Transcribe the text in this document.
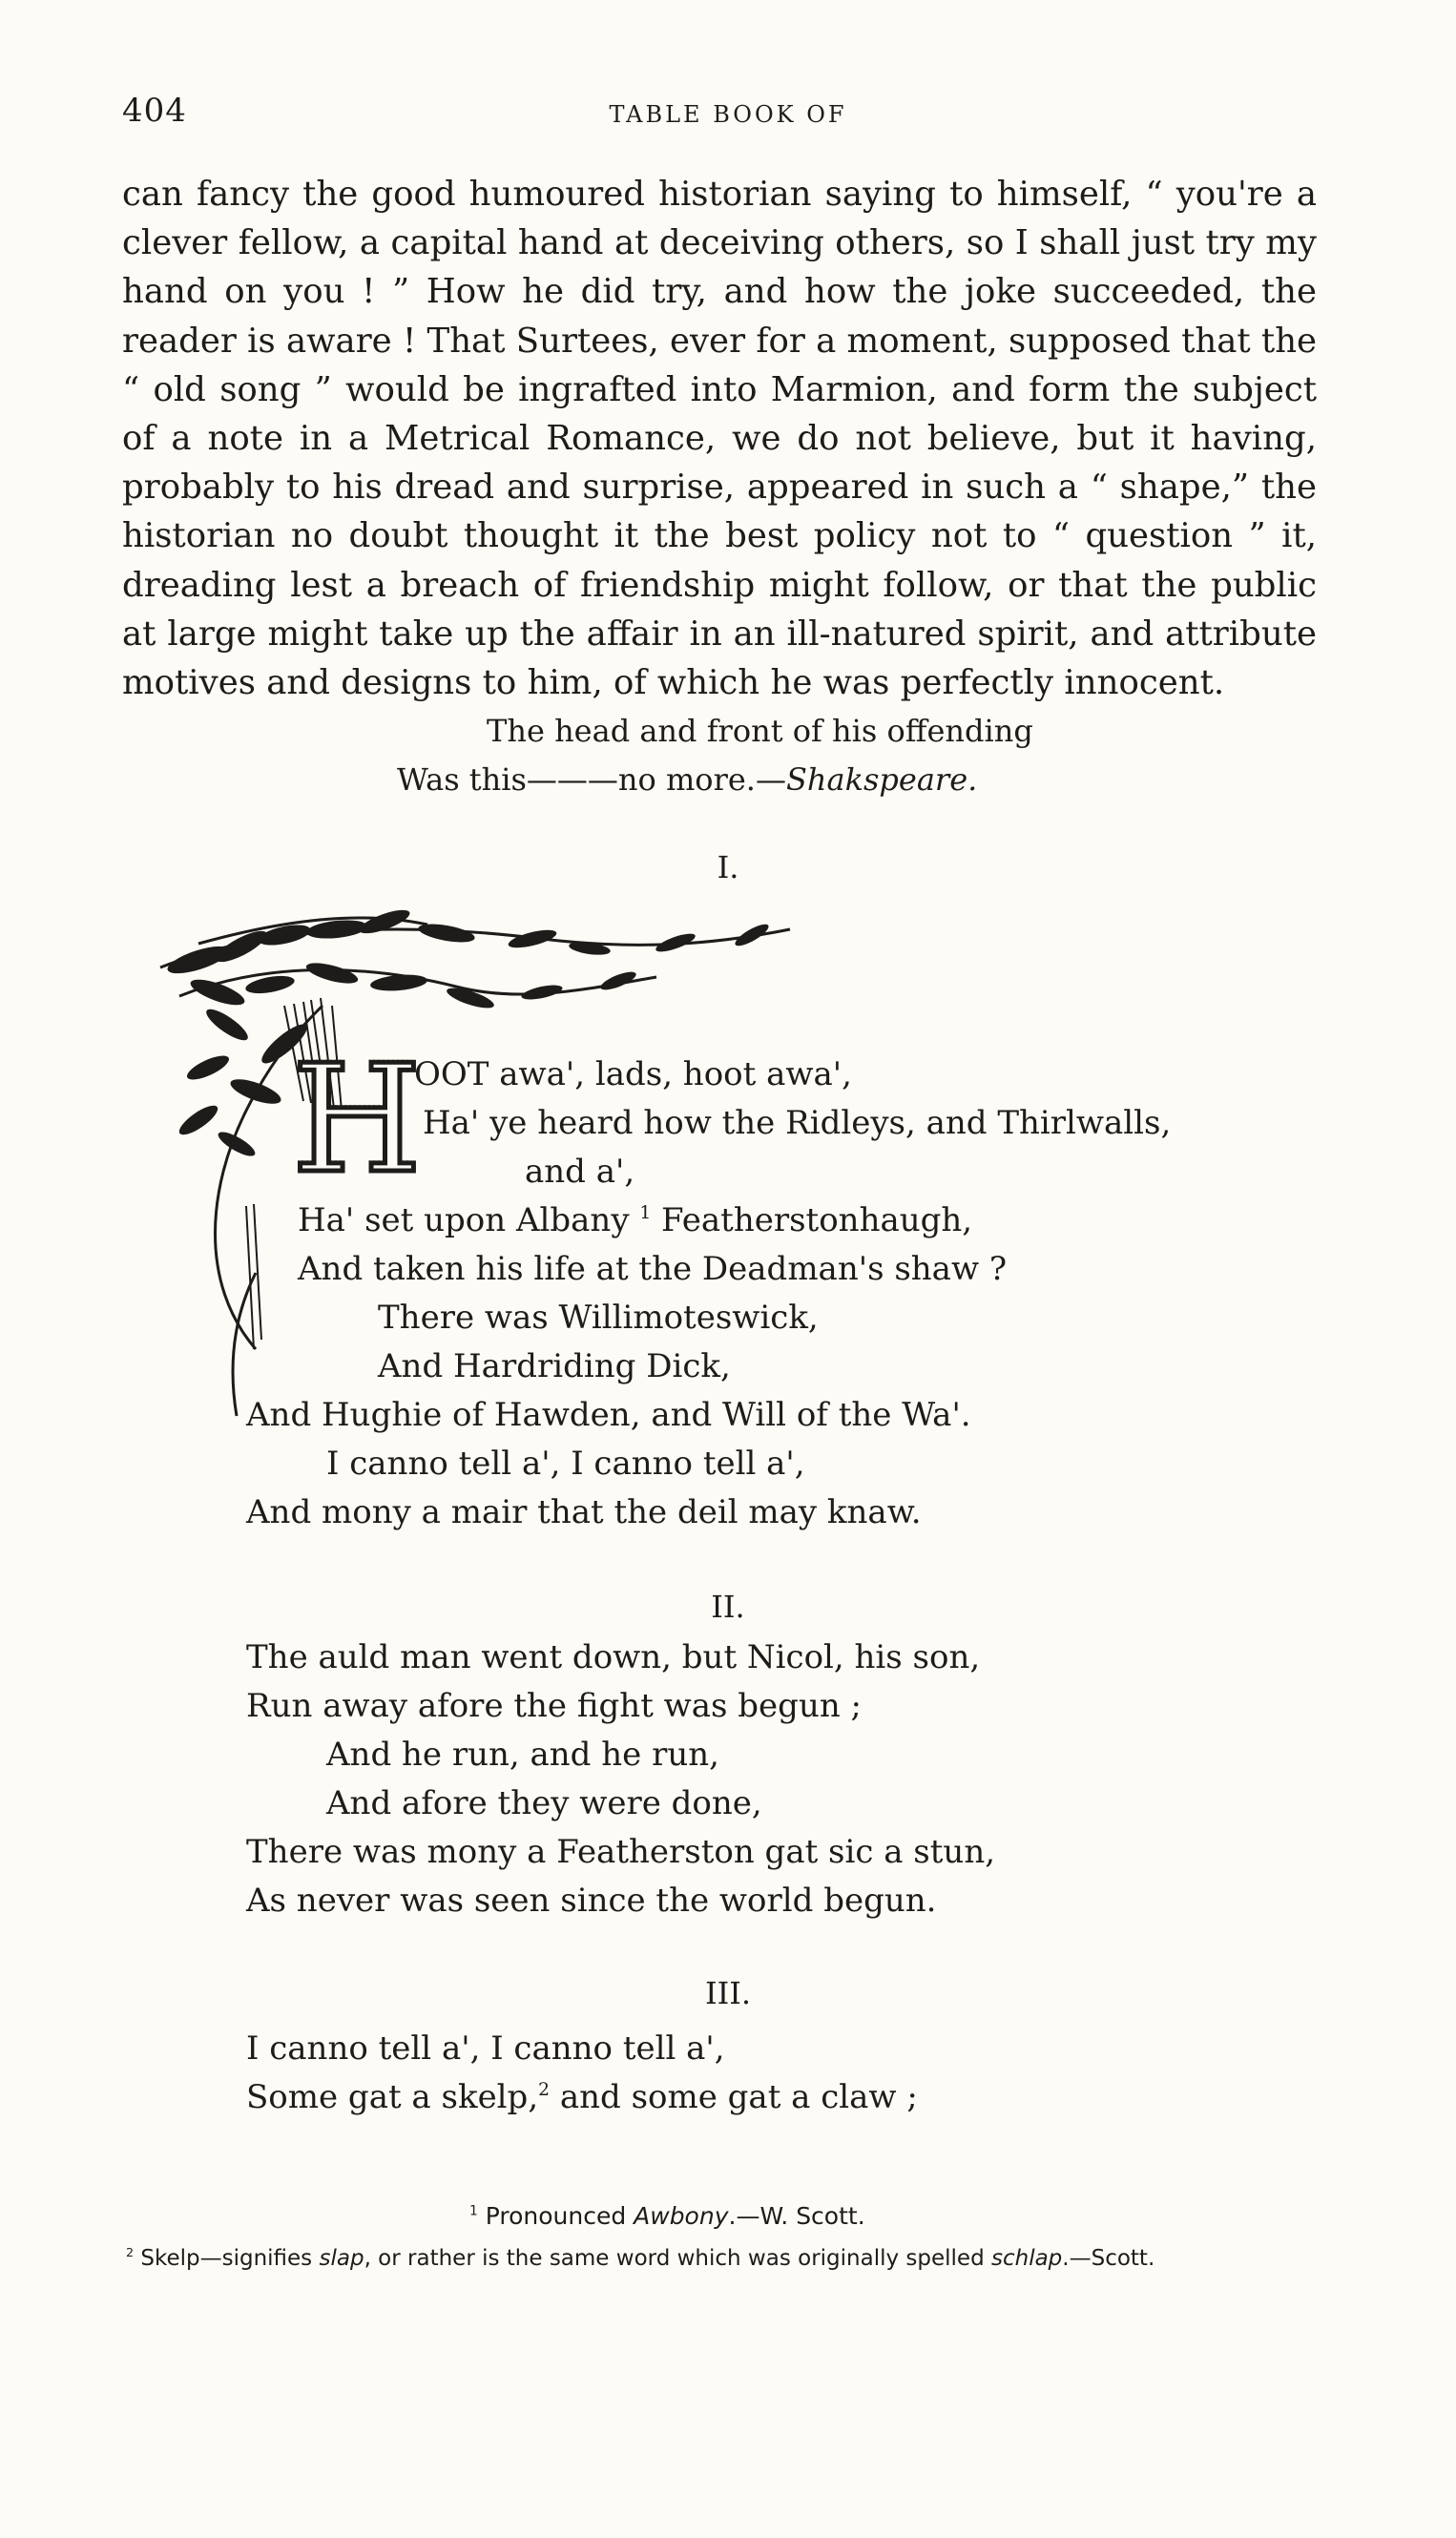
404	TABLE BOOK OF
can fancy the good humoured historian saying to himself, “ you're a
clever fellow, a capital hand at deceiving others, so I shall just try my
hand on you ! ” How he did try, and how the joke succeeded, the
reader is aware ! That Surtees, ever for a moment, supposed that the
“ old song ” would be ingrafted into Marmion, and form the subject
of a note in a Metrical Romance, we do not believe, but it having,
probably to his dread and surprise, appeared in such a “ shape,” the
historian no doubt thought it the best policy not to “ question ” it,
dreading lest a breach of friendship might follow, or that the public
at large might take up the affair in an ill-natured spirit, and attribute
motives and designs to him, of which he was perfectly innocent.
The head and front of his offending
Was this———no more.—Shakspeare.
I.
H
OOT awa', lads, hoot awa',
Ha' ye heard how the Ridleys, and Thirlwalls,
and a',
Ha' set upon Albany $^1$ Featherstonhaugh,
And taken his life at the Deadman's shaw ?
There was Willimoteswick,
And Hardriding Dick,
And Hughie of Hawden, and Will of the Wa'.
I canno tell a', I canno tell a',
And mony a mair that the deil may knaw.
II.
The auld man went down, but Nicol, his son,
Run away afore the fight was begun ;
And he run, and he run,
And afore they were done,
There was mony a Featherston gat sic a stun,
As never was seen since the world begun.
III.
I canno tell a', I canno tell a',
Some gat a skelp,$^2$ and some gat a claw ;
$^1$ Pronounced Awbony.—W. Scott.
$^2$ Skelp—signifies slap, or rather is the same word which was originally spelled schlap.—Scott.
